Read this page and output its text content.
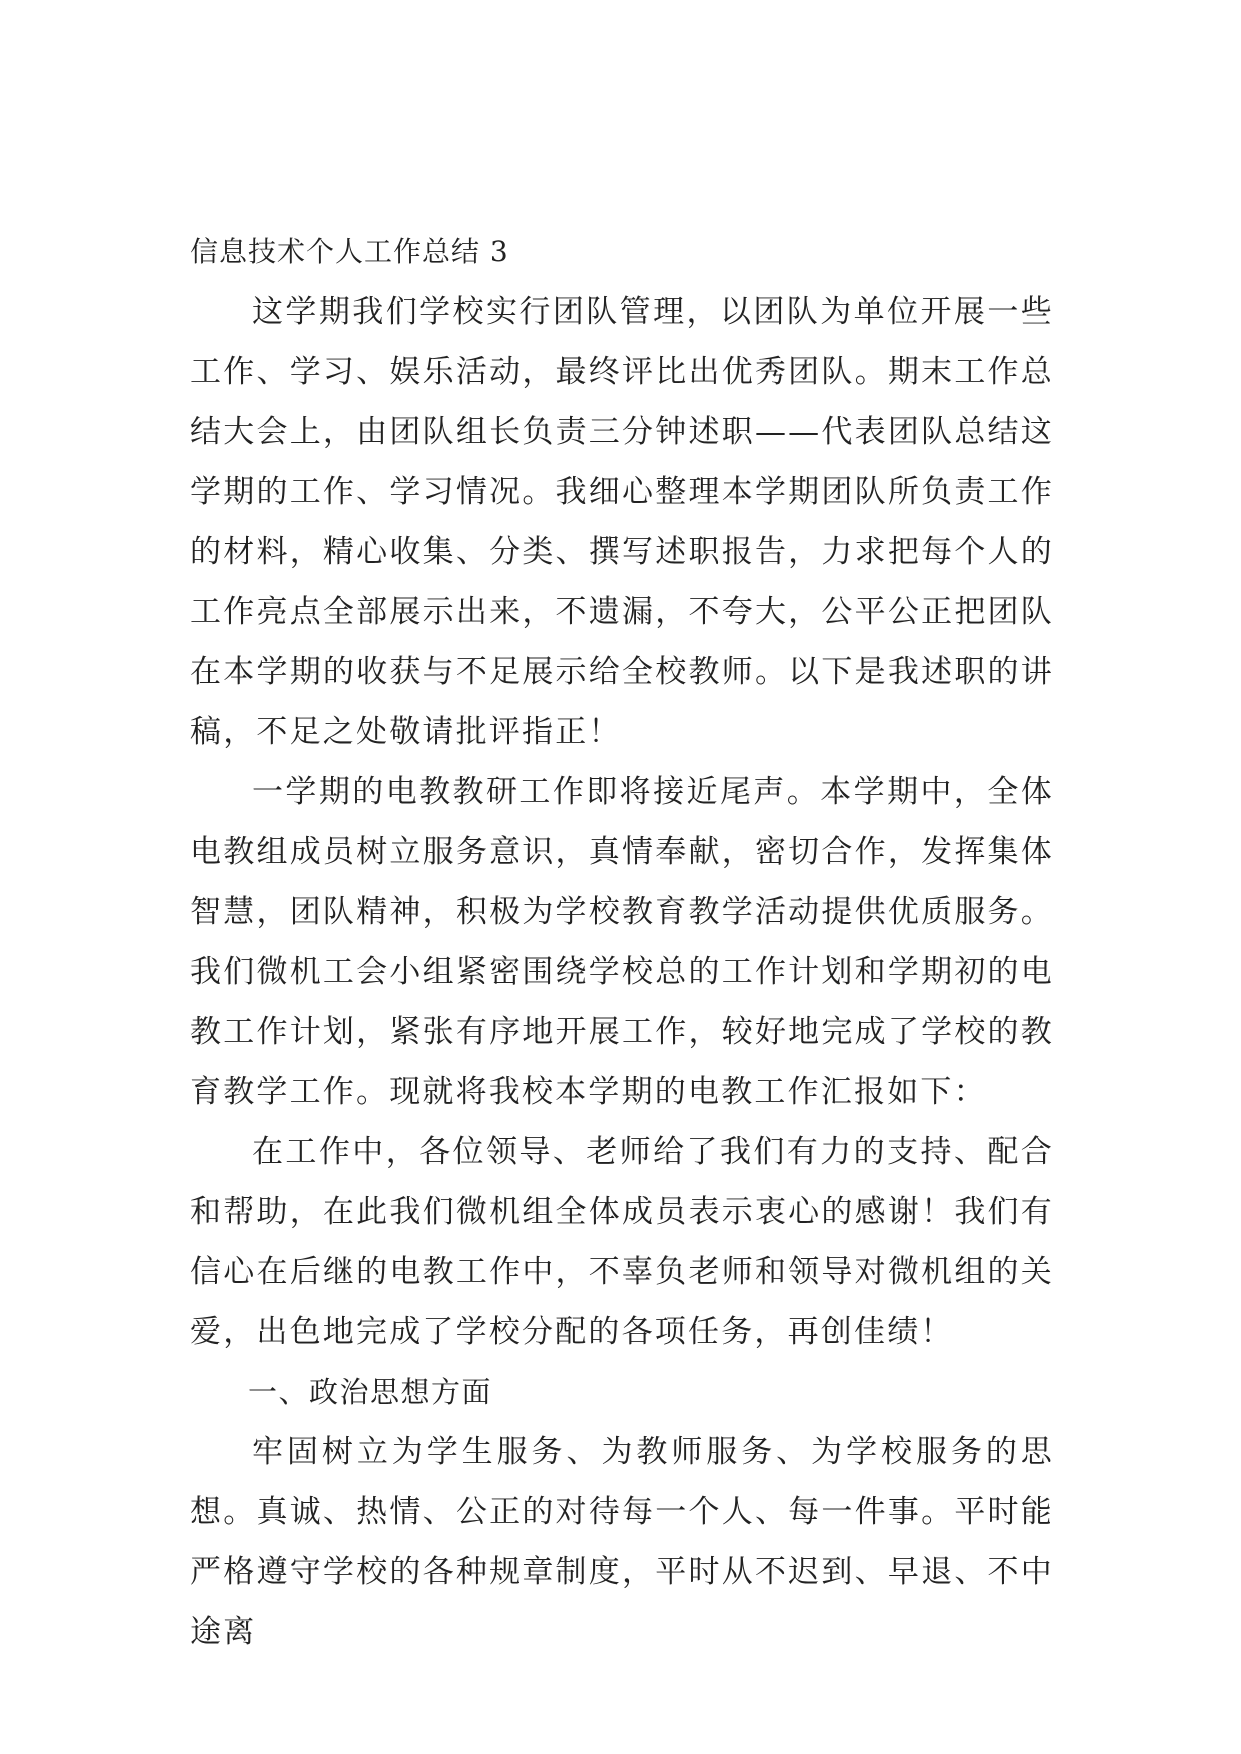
信息技术个人工作总结 3

这学期我们学校实行团队管理，以团队为单位开展一些工作、学习、娱乐活动，最终评比出优秀团队。期末工作总结大会上，由团队组长负责三分钟述职——代表团队总结这学期的工作、学习情况。我细心整理本学期团队所负责工作的材料，精心收集、分类、撰写述职报告，力求把每个人的工作亮点全部展示出来，不遗漏，不夸大，公平公正把团队在本学期的收获与不足展示给全校教师。以下是我述职的讲稿，不足之处敬请批评指正！

一学期的电教教研工作即将接近尾声。本学期中，全体电教组成员树立服务意识，真情奉献，密切合作，发挥集体智慧，团队精神，积极为学校教育教学活动提供优质服务。我们微机工会小组紧密围绕学校总的工作计划和学期初的电教工作计划，紧张有序地开展工作，较好地完成了学校的教育教学工作。现就将我校本学期的电教工作汇报如下：

在工作中，各位领导、老师给了我们有力的支持、配合和帮助，在此我们微机组全体成员表示衷心的感谢！我们有信心在后继的电教工作中，不辜负老师和领导对微机组的关爱，出色地完成了学校分配的各项任务，再创佳绩！

一、政治思想方面

牢固树立为学生服务、为教师服务、为学校服务的思想。真诚、热情、公正的对待每一个人、每一件事。平时能严格遵守学校的各种规章制度，平时从不迟到、早退、不中途离
